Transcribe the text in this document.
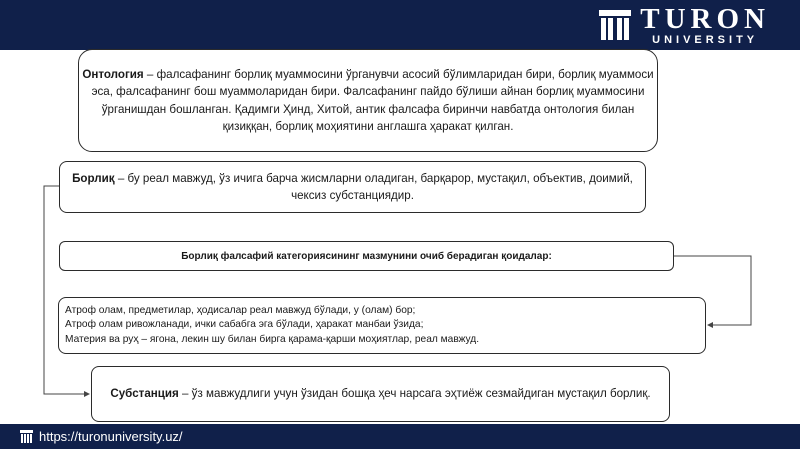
TURON
UNIVERSITY

Онтология – фалсафанинг борлиқ муаммосини ўрганувчи асосий бўлимларидан бири, борлиқ муаммоси эса, фалсафанинг бош муаммоларидан бири. Фалсафанинг пайдо бўлиши айнан борлиқ муаммосини ўрганишдан бошланган. Қадимги Ҳинд, Хитой, антик фалсафа биринчи навбатда онтология билан қизиққан, борлиқ моҳиятини англашга ҳаракат қилган.

Борлиқ – бу реал мавжуд, ўз ичига барча жисмларни оладиган, барқарор, мустақил, объектив, доимий, чексиз субстанциядир.

Борлиқ фалсафий категориясининг мазмунини очиб берадиган қоидалар:

Атроф олам, предметилар, ҳодисалар реал мавжуд бўлади, у (олам) бор;
Атроф олам ривожланади, ички сабабга эга бўлади, ҳаракат манбаи ўзида;
Материя ва руҳ – ягона, лекин шу билан бирга қарама-қарши моҳиятлар, реал мавжуд.

Субстанция – ўз мавжудлиги учун ўзидан бошқа ҳеч нарсага эҳтиёж сезмайдиган мустақил борлиқ.

https://turonuniversity.uz/
